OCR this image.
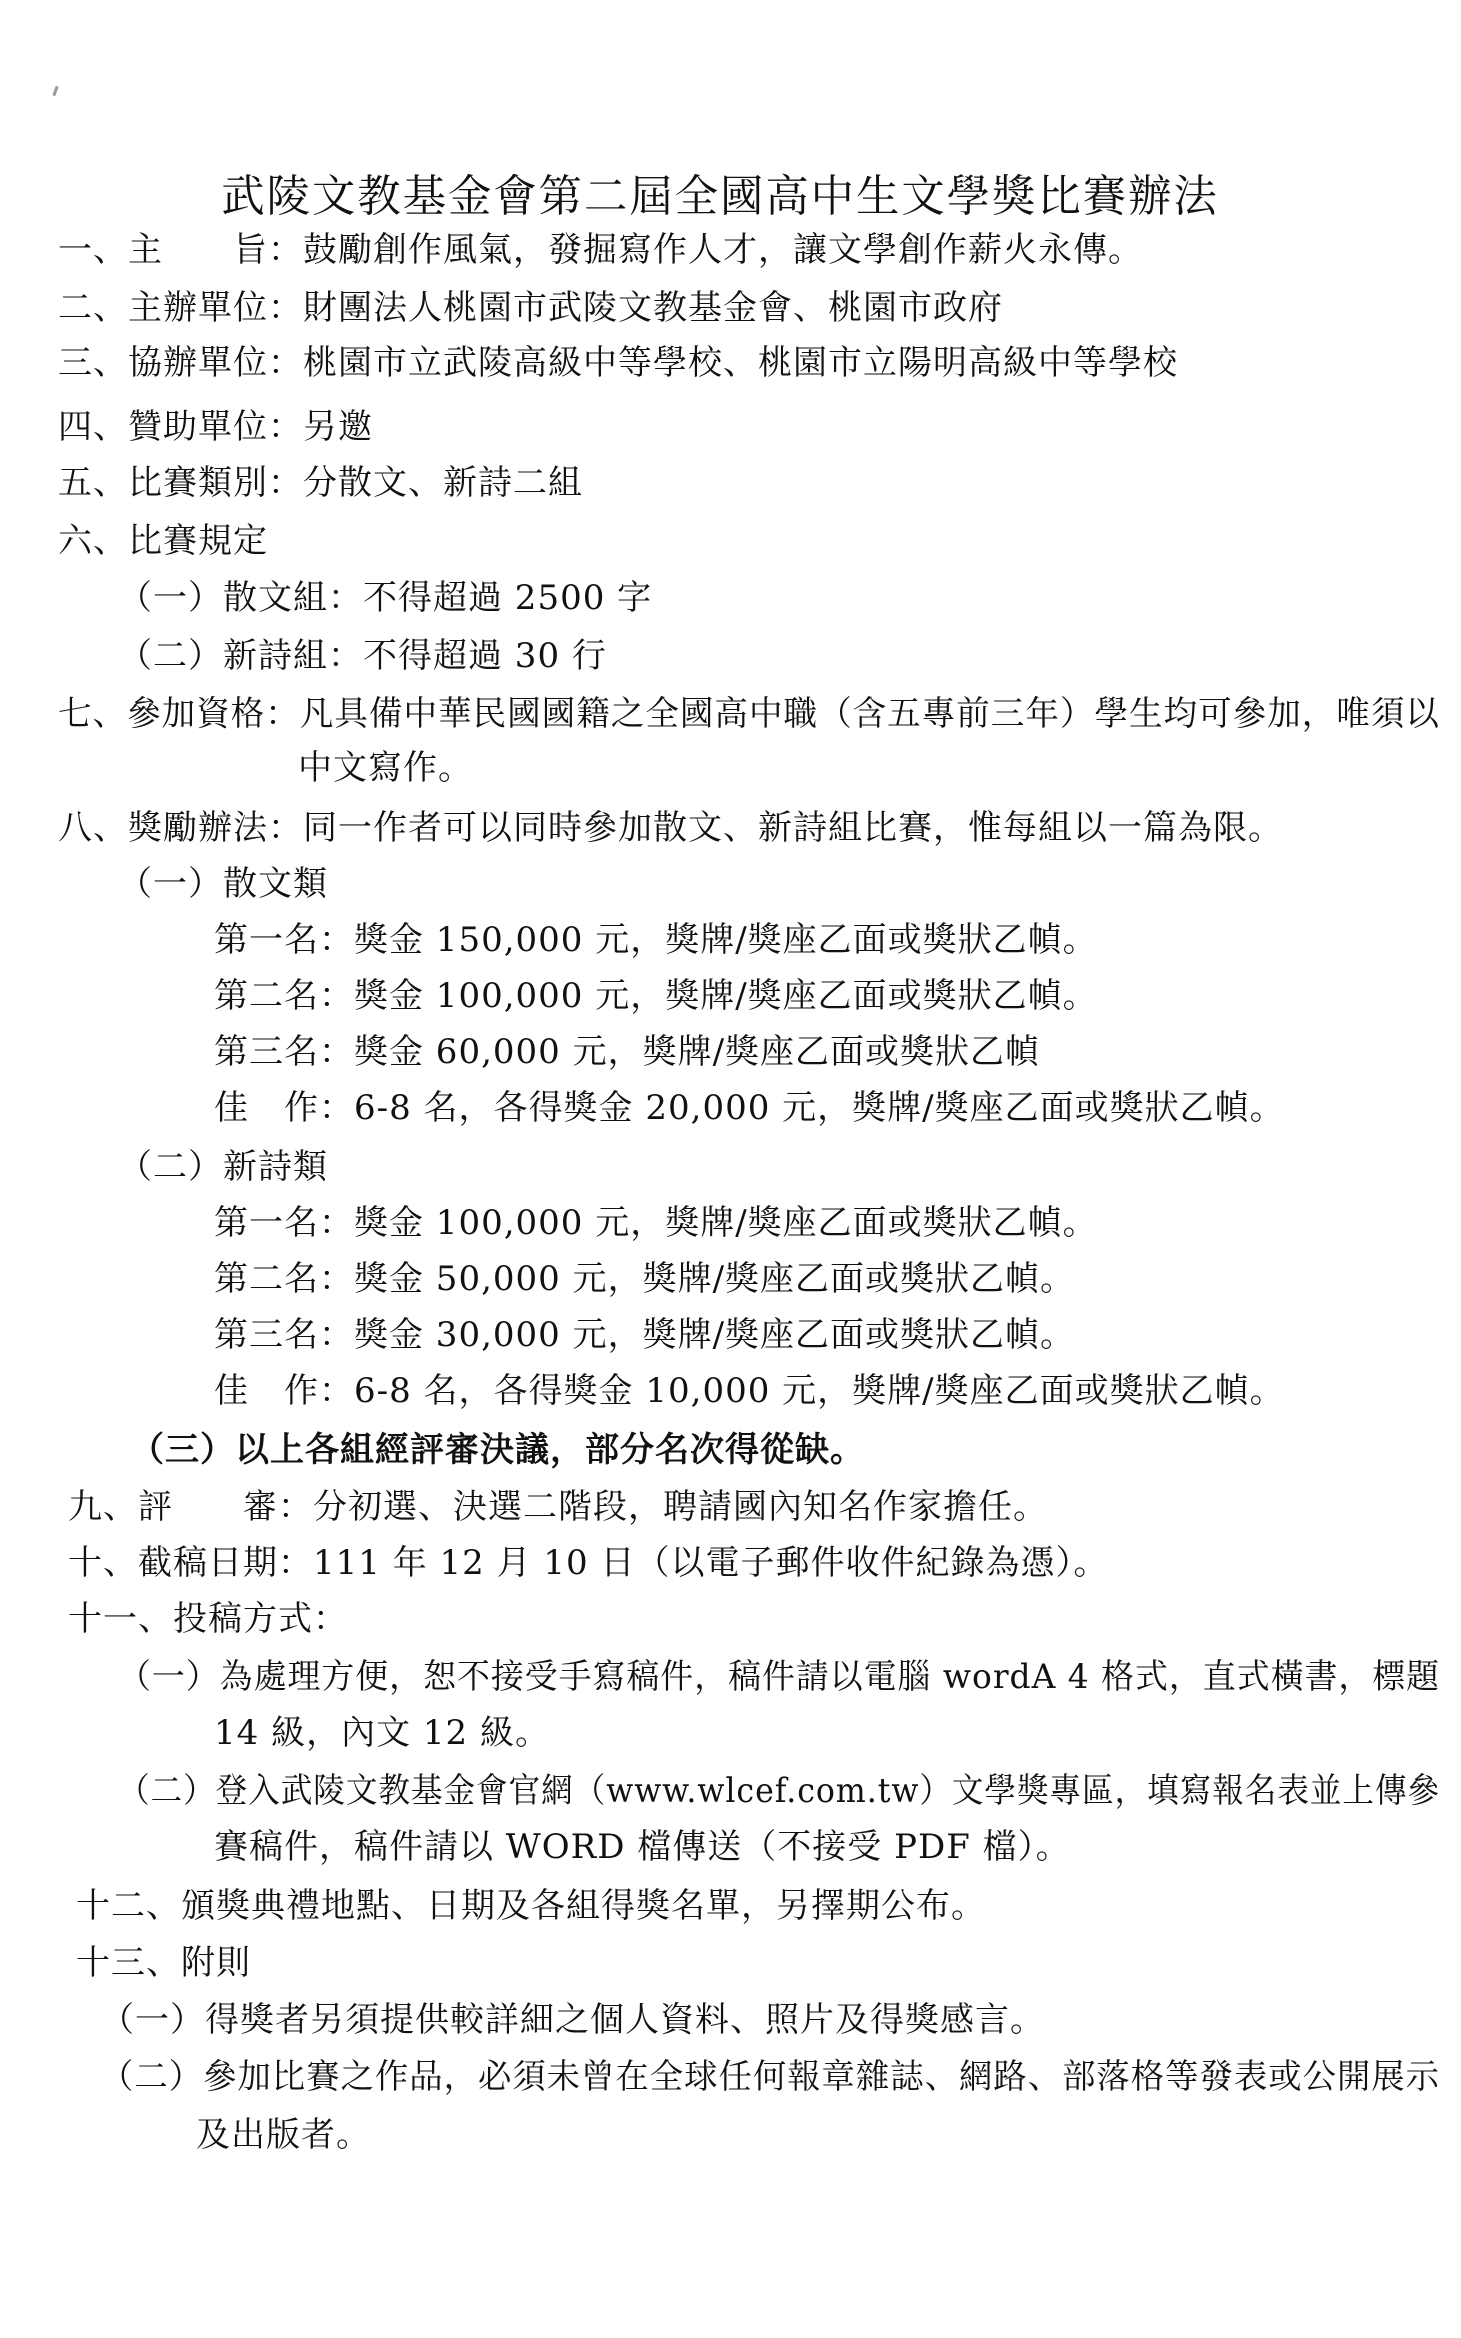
武陵文教基金會第二屆全國高中生文學獎比賽辦法
一、主　　旨：鼓勵創作風氣，發掘寫作人才，讓文學創作薪火永傳。
二、主辦單位：財團法人桃園市武陵文教基金會、桃園市政府
三、協辦單位：桃園市立武陵高級中等學校、桃園市立陽明高級中等學校
四、贊助單位：另邀
五、比賽類別：分散文、新詩二組
六、比賽規定
（一）散文組：不得超過 2500 字
（二）新詩組：不得超過 30 行
七、參加資格：凡具備中華民國國籍之全國高中職（含五專前三年）學生均可參加，唯須以
中文寫作。
八、獎勵辦法：同一作者可以同時參加散文、新詩組比賽，惟每組以一篇為限。
（一）散文類
第一名：獎金 150,000 元，獎牌/獎座乙面或獎狀乙幀。
第二名：獎金 100,000 元，獎牌/獎座乙面或獎狀乙幀。
第三名：獎金 60,000 元，獎牌/獎座乙面或獎狀乙幀
佳　作：6-8 名，各得獎金 20,000 元，獎牌/獎座乙面或獎狀乙幀。
（二）新詩類
第一名：獎金 100,000 元，獎牌/獎座乙面或獎狀乙幀。
第二名：獎金 50,000 元，獎牌/獎座乙面或獎狀乙幀。
第三名：獎金 30,000 元，獎牌/獎座乙面或獎狀乙幀。
佳　作：6-8 名，各得獎金 10,000 元，獎牌/獎座乙面或獎狀乙幀。
（三）以上各組經評審決議，部分名次得從缺。
九、評　　審：分初選、決選二階段，聘請國內知名作家擔任。
十、截稿日期：111 年 12 月 10 日（以電子郵件收件紀錄為憑）。
十一、投稿方式：
（一）為處理方便，恕不接受手寫稿件，稿件請以電腦 wordA 4 格式，直式橫書，標題
14 級，內文 12 級。
（二）登入武陵文教基金會官網（www.wlcef.com.tw）文學獎專區，填寫報名表並上傳參
賽稿件，稿件請以 WORD 檔傳送（不接受 PDF 檔）。
十二、頒獎典禮地點、日期及各組得獎名單，另擇期公布。
十三、附則
（一）得獎者另須提供較詳細之個人資料、照片及得獎感言。
（二）參加比賽之作品，必須未曾在全球任何報章雜誌、網路、部落格等發表或公開展示
及出版者。
